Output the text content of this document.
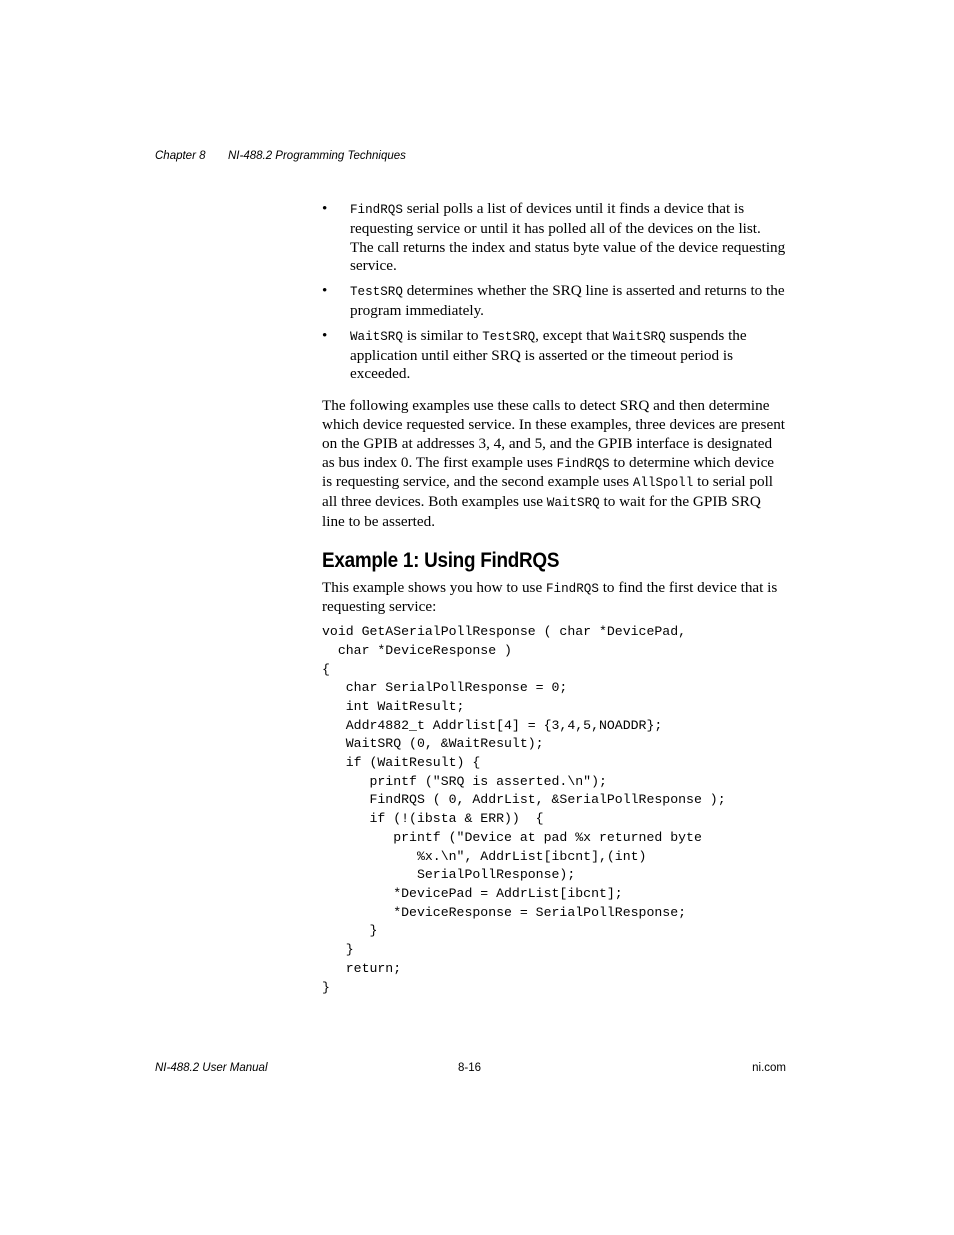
Chapter 8 NI-488.2 Programming Techniques
• FindRQS serial polls a list of devices until it finds a device that is requesting service or until it has polled all of the devices on the list. The call returns the index and status byte value of the device requesting service.
• TestSRQ determines whether the SRQ line is asserted and returns to the program immediately.
• WaitSRQ is similar to TestSRQ, except that WaitSRQ suspends the application until either SRQ is asserted or the timeout period is exceeded.

The following examples use these calls to detect SRQ and then determine which device requested service. In these examples, three devices are present on the GPIB at addresses 3, 4, and 5, and the GPIB interface is designated as bus index 0. The first example uses FindRQS to determine which device is requesting service, and the second example uses AllSpoll to serial poll all three devices. Both examples use WaitSRQ to wait for the GPIB SRQ line to be asserted.

Example 1: Using FindRQS

This example shows you how to use FindRQS to find the first device that is requesting service:

void GetASerialPollResponse ( char *DevicePad,
char *DeviceResponse )
{
char SerialPollResponse = 0;
int WaitResult;
Addr4882_t Addrlist[4] = {3,4,5,NOADDR};
WaitSRQ (0, &WaitResult);
if (WaitResult) {
printf ("SRQ is asserted.\n");
FindRQS ( 0, AddrList, &SerialPollResponse );
if (!(ibsta & ERR))  {
printf ("Device at pad %x returned byte
%x.\n", AddrList[ibcnt],(int)
SerialPollResponse);
*DevicePad = AddrList[ibcnt];
*DeviceResponse = SerialPollResponse;
}
}
return;
}
NI-488.2 User Manual	8-16	ni.com
